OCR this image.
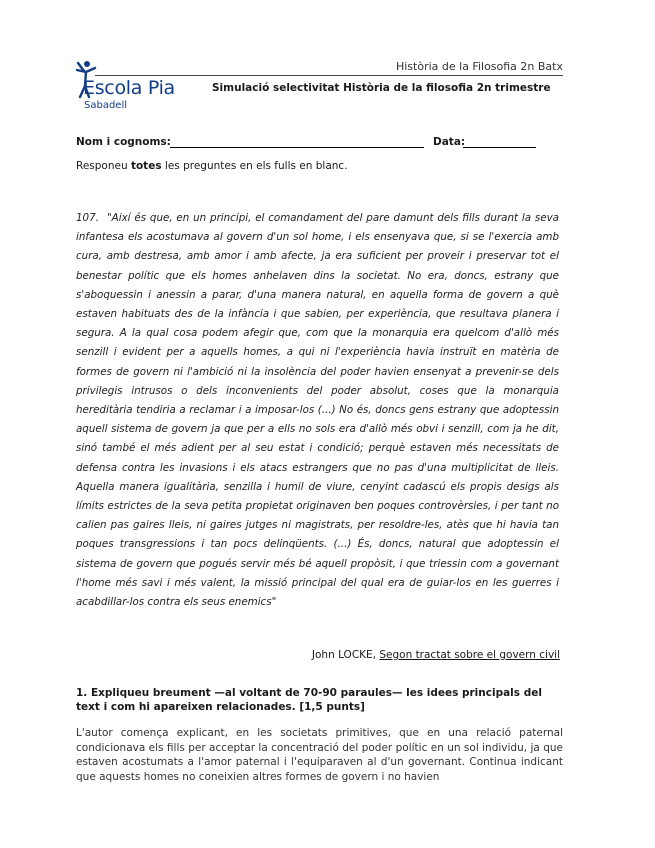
Història de la Filosofia 2n Batx
Escola Pia
Sabadell
Simulació selectivitat Història de la filosofia 2n trimestre
Nom i cognoms:	Data:
Responeu totes les preguntes en els fulls en blanc.
107. "Així és que, en un principi, el comandament del pare damunt dels fills durant la seva infantesa els acostumava al govern d'un sol home, i els ensenyava que, si se l'exercia amb cura, amb destresa, amb amor i amb afecte, ja era suficient per proveir i preservar tot el benestar polític que els homes anhelaven dins la societat. No era, doncs, estrany que s'aboquessin i anessin a parar, d'una manera natural, en aquella forma de govern a què estaven habituats des de la infància i que sabien, per experiència, que resultava planera i segura. A la qual cosa podem afegir que, com que la monarquia era quelcom d'allò més senzill i evident per a aquells homes, a qui ni l'experiència havia instruït en matèria de formes de govern ni l'ambició ni la insolència del poder havien ensenyat a prevenir-se dels privilegis intrusos o dels inconvenients del poder absolut, coses que la monarquia hereditària tendiria a reclamar i a imposar-los (...) No és, doncs gens estrany que adoptessin aquell sistema de govern ja que per a ells no sols era d'allò més obvi i senzill, com ja he dit, sinó també el més adient per al seu estat i condició; perquè estaven més necessitats de defensa contra les invasions i els atacs estrangers que no pas d'una multiplicitat de lleis. Aquella manera igualitària, senzilla i humil de viure, cenyint cadascú els propis desigs als límits estrictes de la seva petita propietat originaven ben poques controvèrsies, i per tant no calien pas gaires lleis, ni gaires jutges ni magistrats, per resoldre-les, atès que hi havia tan poques transgressions i tan pocs delinqüents. (...) És, doncs, natural que adoptessin el sistema de govern que pogués servir més bé aquell propòsit, i que triessin com a governant l'home més savi i més valent, la missió principal del qual era de guiar-los en les guerres i acabdillar-los contra els seus enemics"
John LOCKE, Segon tractat sobre el govern civil
1. Expliqueu breument —al voltant de 70-90 paraules— les idees principals del text i com hi apareixen relacionades. [1,5 punts]
L'autor comença explicant, en les societats primitives, que en una relació paternal condicionava els fills per acceptar la concentració del poder polític en un sol individu, ja que estaven acostumats a l'amor paternal i l'equiparaven al d'un governant. Continua indicant que aquests homes no coneixien altres formes de govern i no havien
